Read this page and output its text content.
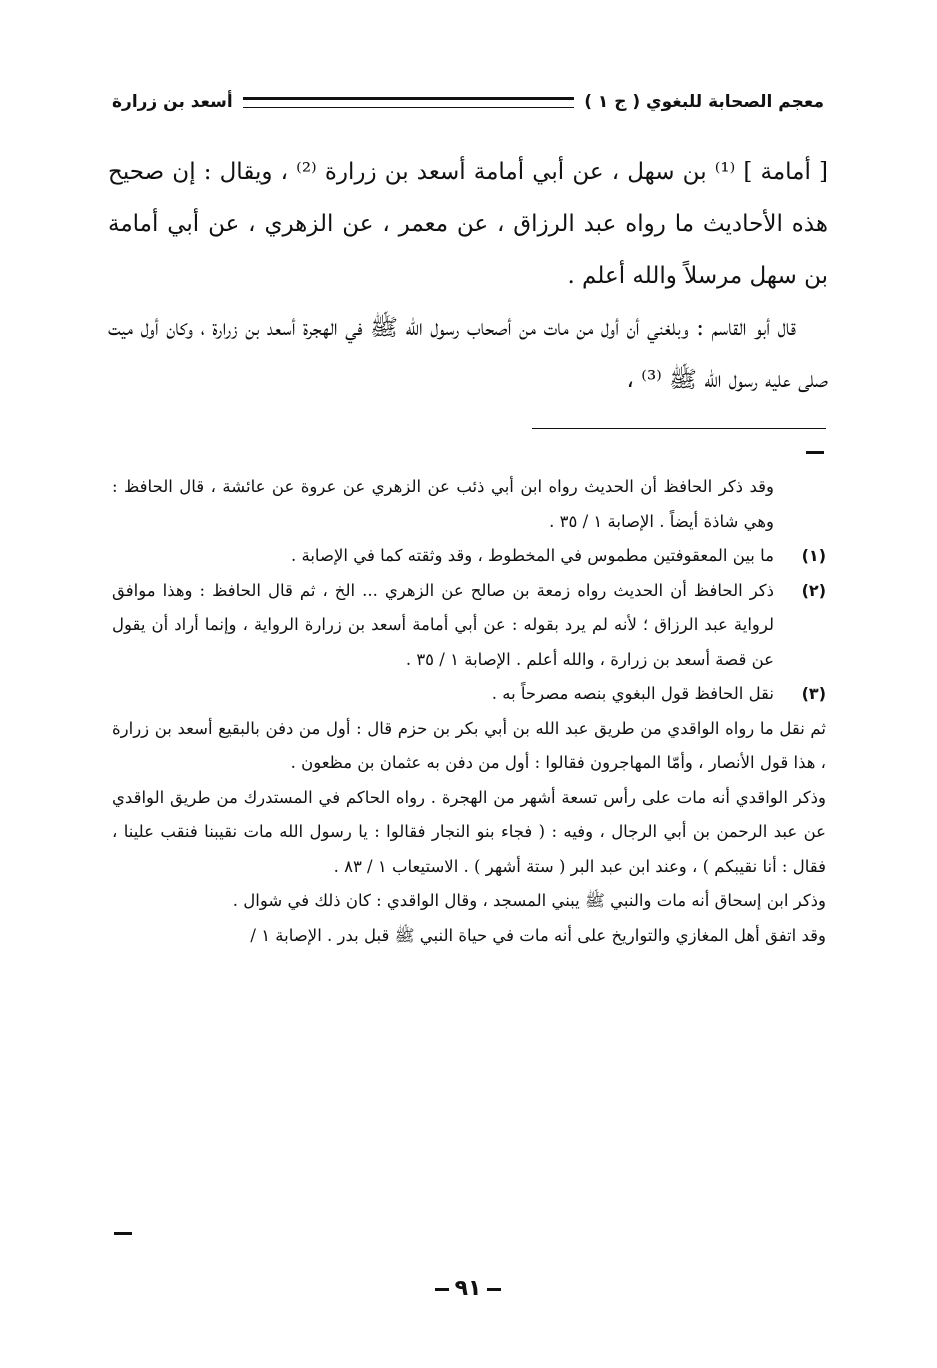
معجم الصحابة للبغوي ( ج ١ )
أسعد بن زرارة

[ أمامة ] ⁽¹⁾ بن سهل ، عن أبي أمامة أسعد بن زرارة ⁽²⁾ ، ويقال : إن صحيح هذه الأحاديث ما رواه عبد الرزاق ، عن معمر ، عن الزهري ، عن أبي أمامة بن سهل مرسلاً والله أعلم .

قال أبو القاسم : وبلغني أن أول من مات من أصحاب رسول الله ﷺ في الهجرة أسعد بن زرارة ، وكان أول ميت صلى عليه رسول الله ﷺ ⁽³⁾ ،

وقد ذكر الحافظ أن الحديث رواه ابن أبي ذئب عن الزهري عن عروة عن عائشة ، قال الحافظ : وهي شاذة أيضاً . الإصابة ١ / ٣٥ .

(١)

ما بين المعقوفتين مطموس في المخطوط ، وقد وثقته كما في الإصابة .

(٢)

ذكر الحافظ أن الحديث رواه زمعة بن صالح عن الزهري ... الخ ، ثم قال الحافظ : وهذا موافق لرواية عبد الرزاق ؛ لأنه لم يرد بقوله : عن أبي أمامة أسعد بن زرارة الرواية ، وإنما أراد أن يقول عن قصة أسعد بن زرارة ، والله أعلم . الإصابة ١ / ٣٥ .

(٣)

نقل الحافظ قول البغوي بنصه مصرحاً به .

ثم نقل ما رواه الواقدي من طريق عبد الله بن أبي بكر بن حزم قال : أول من دفن بالبقيع أسعد بن زرارة ، هذا قول الأنصار ، وأمّا المهاجرون فقالوا : أول من دفن به عثمان بن مظعون .

وذكر الواقدي أنه مات على رأس تسعة أشهر من الهجرة . رواه الحاكم في المستدرك من طريق الواقدي عن عبد الرحمن بن أبي الرجال ، وفيه : ( فجاء بنو النجار فقالوا : يا رسول الله مات نقيبنا فنقب علينا ، فقال : أنا نقيبكم ) ، وعند ابن عبد البر ( ستة أشهر ) . الاستيعاب ١ / ٨٣ .

وذكر ابن إسحاق أنه مات والنبي ﷺ يبني المسجد ، وقال الواقدي : كان ذلك في شوال .

وقد اتفق أهل المغازي والتواريخ على أنه مات في حياة النبي ﷺ قبل بدر . الإصابة ١ /

٩١
